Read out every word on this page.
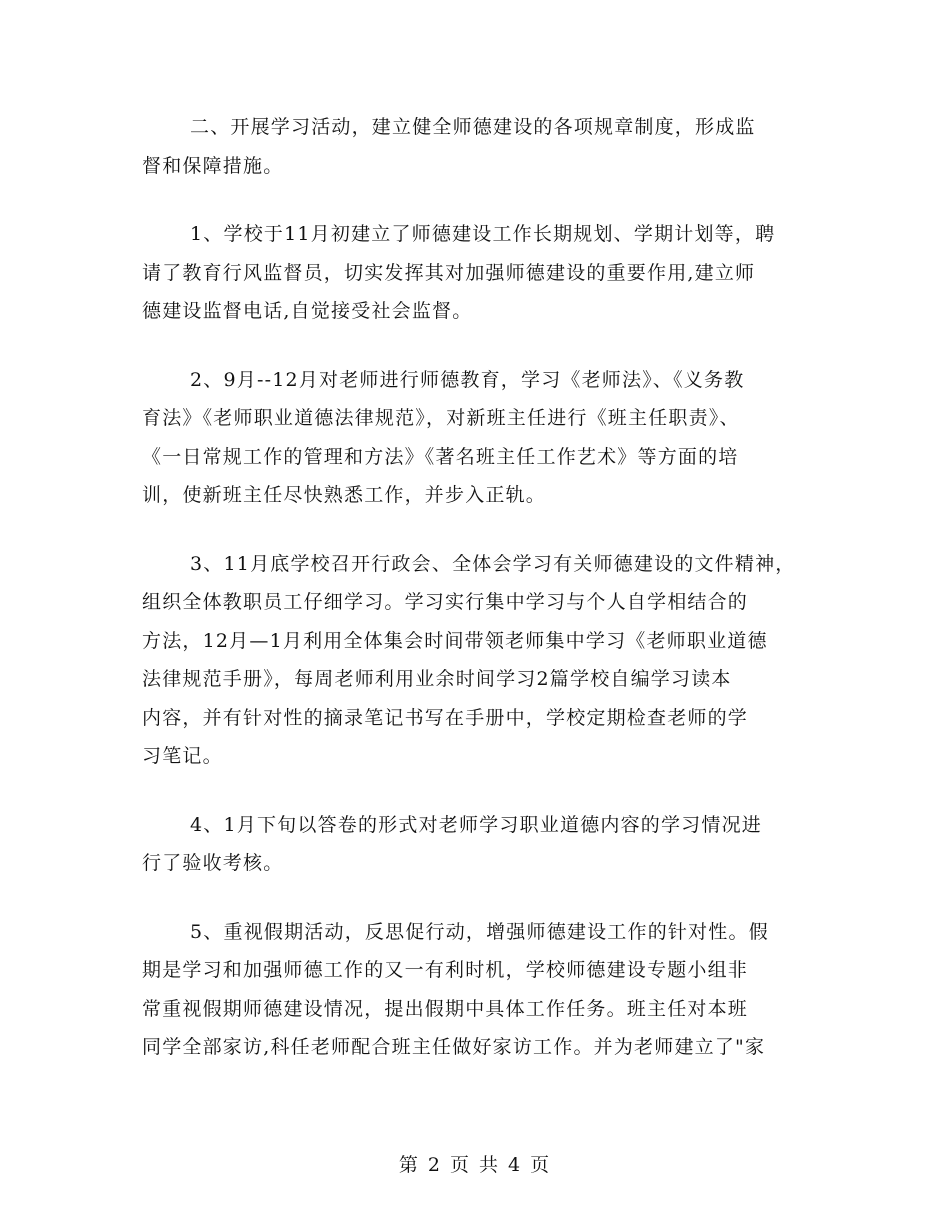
二、开展学习活动，建立健全师德建设的各项规章制度，形成监
督和保障措施。

1、学校于11月初建立了师德建设工作长期规划、学期计划等，聘
请了教育行风监督员，切实发挥其对加强师德建设的重要作用,建立师
德建设监督电话,自觉接受社会监督。

2、9月--12月对老师进行师德教育，学习《老师法》、《义务教
育法》《老师职业道德法律规范》，对新班主任进行《班主任职责》、
《一日常规工作的管理和方法》《著名班主任工作艺术》等方面的培
训，使新班主任尽快熟悉工作，并步入正轨。

3、11月底学校召开行政会、全体会学习有关师德建设的文件精神，
组织全体教职员工仔细学习。学习实行集中学习与个人自学相结合的
方法，12月—1月利用全体集会时间带领老师集中学习《老师职业道德
法律规范手册》，每周老师利用业余时间学习2篇学校自编学习读本
内容，并有针对性的摘录笔记书写在手册中，学校定期检查老师的学
习笔记。

4、1月下旬以答卷的形式对老师学习职业道德内容的学习情况进
行了验收考核。

5、重视假期活动，反思促行动，增强师德建设工作的针对性。假
期是学习和加强师德工作的又一有利时机，学校师德建设专题小组非
常重视假期师德建设情况，提出假期中具体工作任务。班主任对本班
同学全部家访,科任老师配合班主任做好家访工作。并为老师建立了"家

第 2 页 共 4 页
